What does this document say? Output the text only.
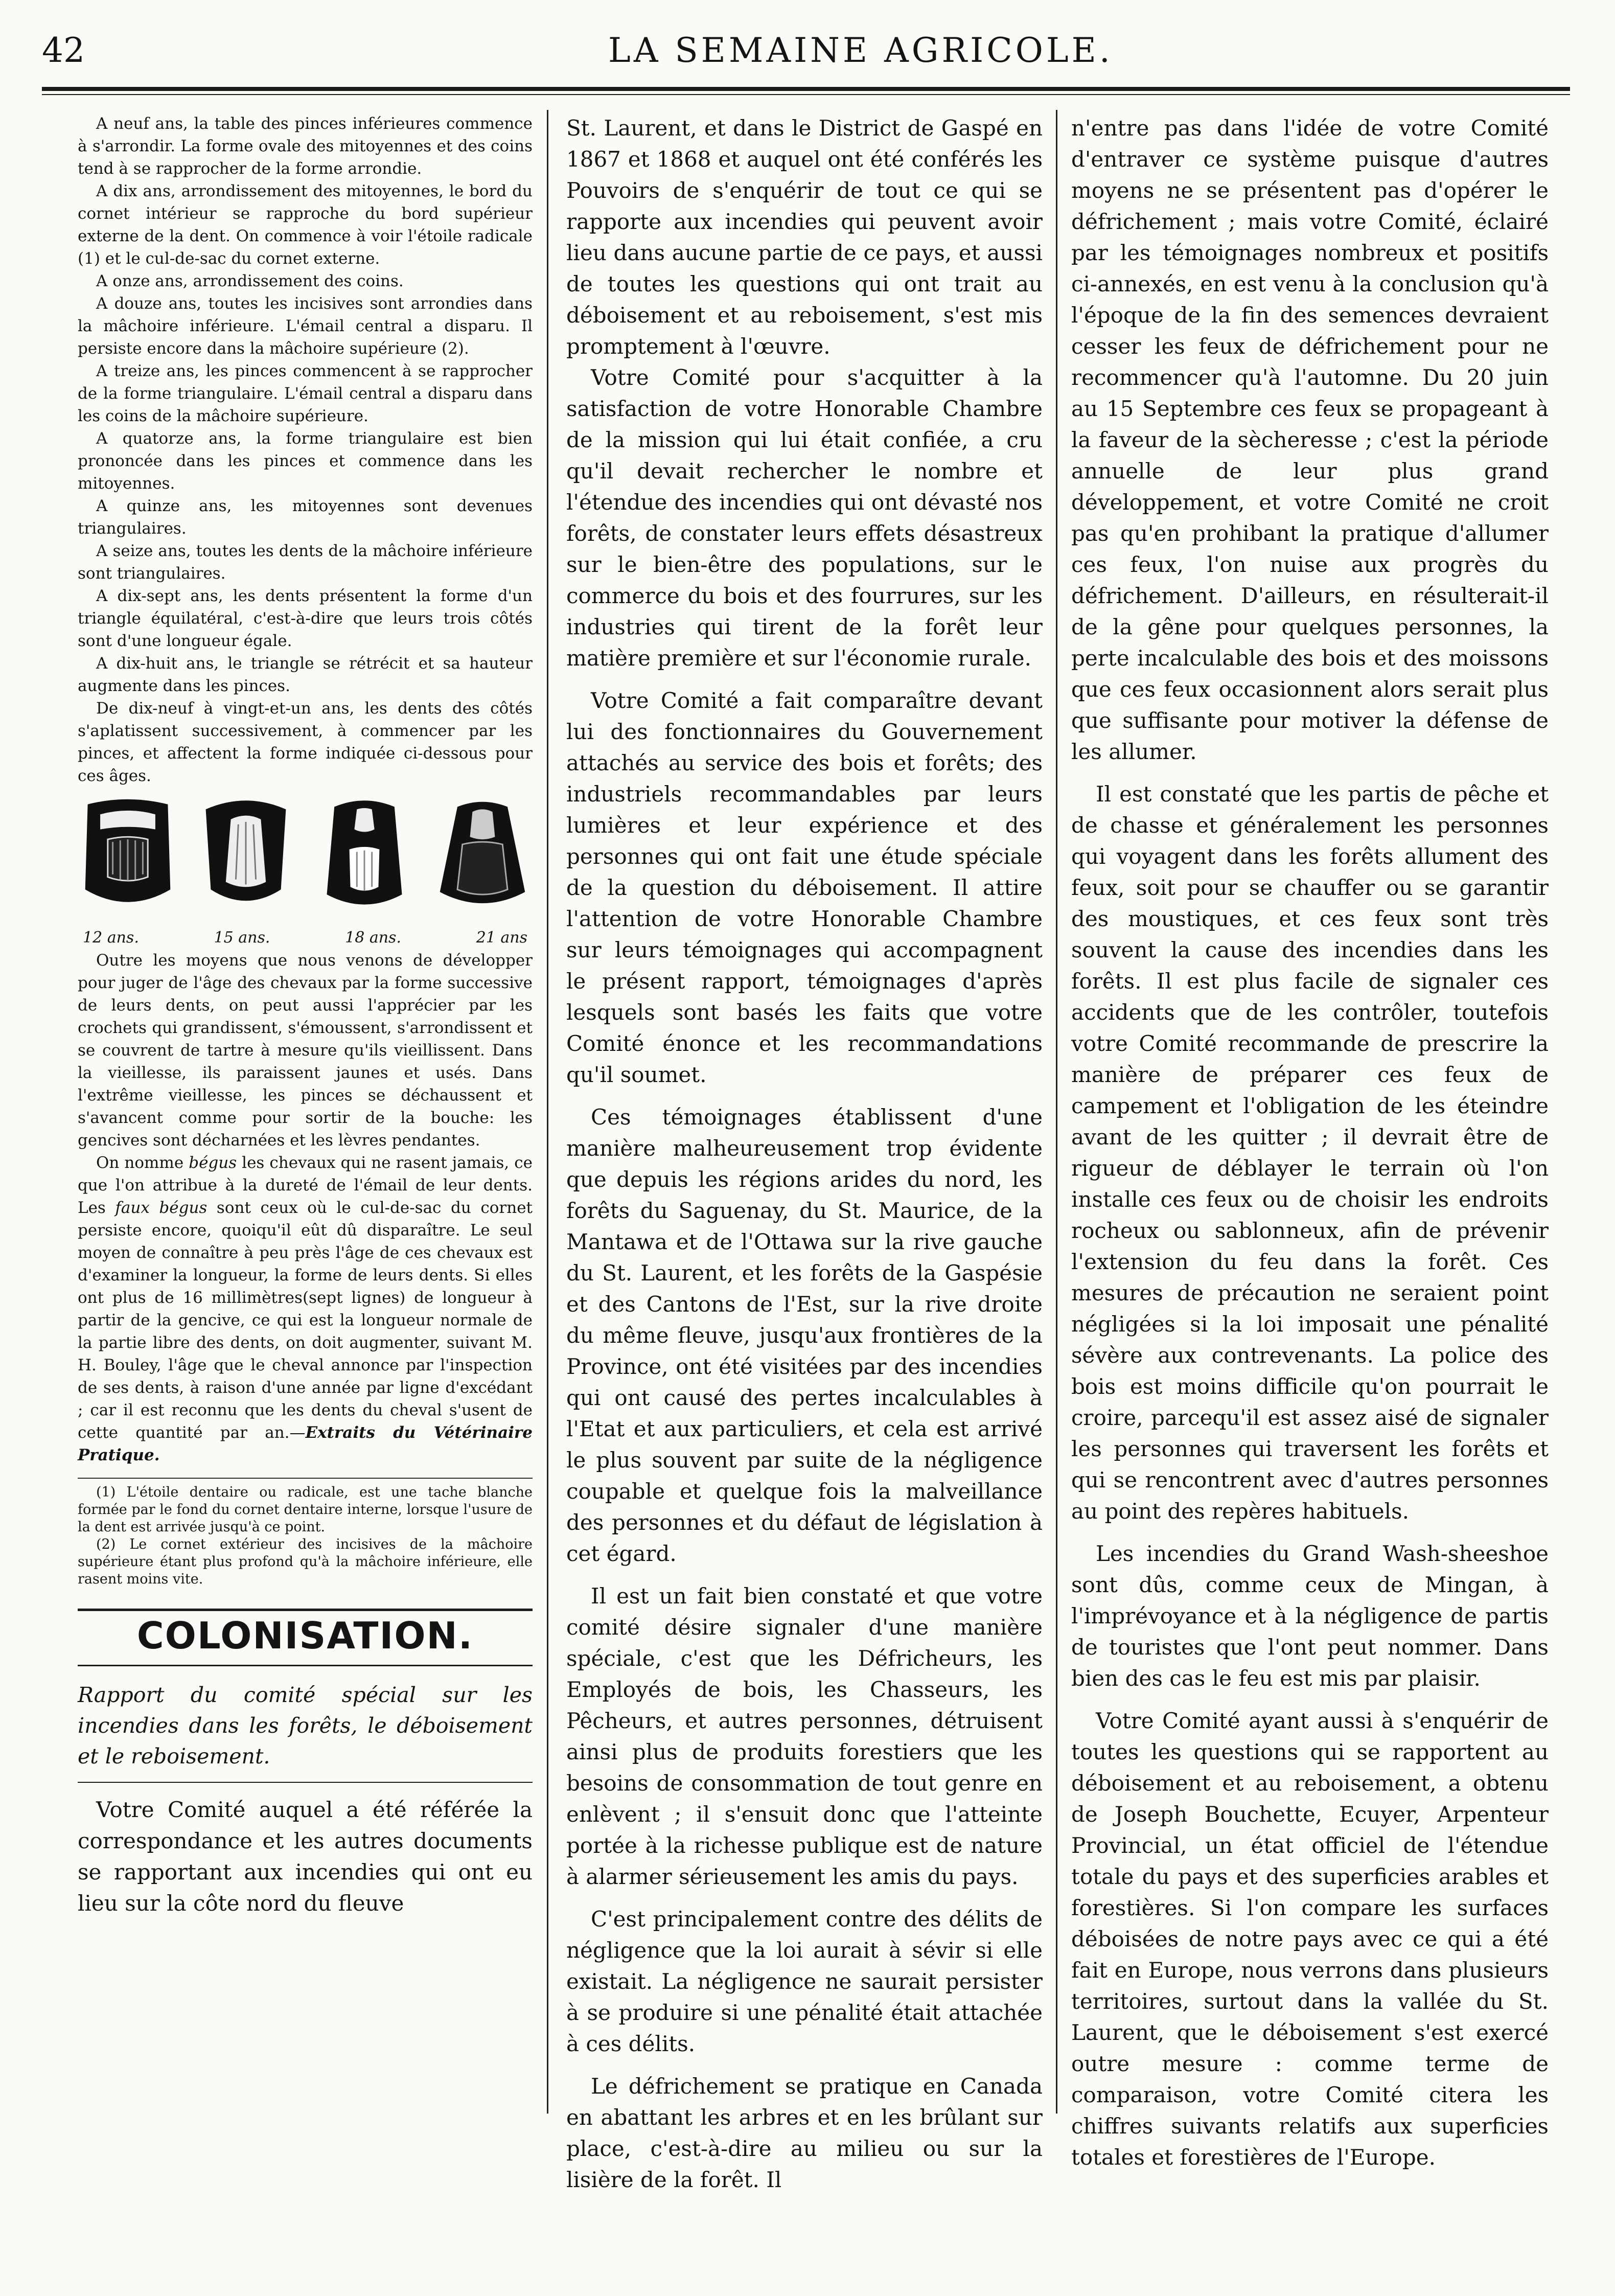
42	LA SEMAINE AGRICOLE.

A neuf ans, la table des pinces inférieures commence à s'arrondir. La forme ovale des mitoyennes et des coins tend à se rapprocher de la forme arrondie.

A dix ans, arrondissement des mitoyennes, le bord du cornet intérieur se rapproche du bord supérieur externe de la dent. On commence à voir l'étoile radicale (1) et le cul-de-sac du cornet externe.

A onze ans, arrondissement des coins.

A douze ans, toutes les incisives sont arrondies dans la mâchoire inférieure. L'émail central a disparu. Il persiste encore dans la mâchoire supérieure (2).

A treize ans, les pinces commencent à se rapprocher de la forme triangulaire. L'émail central a disparu dans les coins de la mâchoire supérieure.

A quatorze ans, la forme triangulaire est bien prononcée dans les pinces et commence dans les mitoyennes.

A quinze ans, les mitoyennes sont devenues triangulaires.

A seize ans, toutes les dents de la mâchoire inférieure sont triangulaires.

A dix-sept ans, les dents présentent la forme d'un triangle équilatéral, c'est-à-dire que leurs trois côtés sont d'une longueur égale.

A dix-huit ans, le triangle se rétrécit et sa hauteur augmente dans les pinces.

De dix-neuf à vingt-et-un ans, les dents des côtés s'aplatissent successivement, à commencer par les pinces, et affectent la forme indiquée ci-dessous pour ces âges.

12 ans.	15 ans.	18 ans.	21 ans

Outre les moyens que nous venons de développer pour juger de l'âge des chevaux par la forme successive de leurs dents, on peut aussi l'apprécier par les crochets qui grandissent, s'émoussent, s'arrondissent et se couvrent de tartre à mesure qu'ils vieillissent. Dans la vieillesse, ils paraissent jaunes et usés. Dans l'extrême vieillesse, les pinces se déchaussent et s'avancent comme pour sortir de la bouche: les gencives sont décharnées et les lèvres pendantes.

On nomme bégus les chevaux qui ne rasent jamais, ce que l'on attribue à la dureté de l'émail de leur dents. Les faux bégus sont ceux où le cul-de-sac du cornet persiste encore, quoiqu'il eût dû disparaître. Le seul moyen de connaître à peu près l'âge de ces chevaux est d'examiner la longueur, la forme de leurs dents. Si elles ont plus de 16 millimètres(sept lignes) de longueur à partir de la gencive, ce qui est la longueur normale de la partie libre des dents, on doit augmenter, suivant M. H. Bouley, l'âge que le cheval annonce par l'inspection de ses dents, à raison d'une année par ligne d'excédant ; car il est reconnu que les dents du cheval s'usent de cette quantité par an.—Extraits du Vétérinaire Pratique.

(1) L'étoile dentaire ou radicale, est une tache blanche formée par le fond du cornet dentaire interne, lorsque l'usure de la dent est arrivée jusqu'à ce point.

(2) Le cornet extérieur des incisives de la mâchoire supérieure étant plus profond qu'à la mâchoire inférieure, elle rasent moins vite.

COLONISATION.

Rapport du comité spécial sur les incendies dans les forêts, le déboisement et le reboisement.

Votre Comité auquel a été référée la correspondance et les autres documents se rapportant aux incendies qui ont eu lieu sur la côte nord du fleuve

St. Laurent, et dans le District de Gaspé en 1867 et 1868 et auquel ont été conférés les Pouvoirs de s'enquérir de tout ce qui se rapporte aux incendies qui peuvent avoir lieu dans aucune partie de ce pays, et aussi de toutes les questions qui ont trait au déboisement et au reboisement, s'est mis promptement à l'œuvre.

Votre Comité pour s'acquitter à la satisfaction de votre Honorable Chambre de la mission qui lui était confiée, a cru qu'il devait rechercher le nombre et l'étendue des incendies qui ont dévasté nos forêts, de constater leurs effets désastreux sur le bien-être des populations, sur le commerce du bois et des fourrures, sur les industries qui tirent de la forêt leur matière première et sur l'économie rurale.

Votre Comité a fait comparaître devant lui des fonctionnaires du Gouvernement attachés au service des bois et forêts; des industriels recommandables par leurs lumières et leur expérience et des personnes qui ont fait une étude spéciale de la question du déboisement. Il attire l'attention de votre Honorable Chambre sur leurs témoignages qui accompagnent le présent rapport, témoignages d'après lesquels sont basés les faits que votre Comité énonce et les recommandations qu'il soumet.

Ces témoignages établissent d'une manière malheureusement trop évidente que depuis les régions arides du nord, les forêts du Saguenay, du St. Maurice, de la Mantawa et de l'Ottawa sur la rive gauche du St. Laurent, et les forêts de la Gaspésie et des Cantons de l'Est, sur la rive droite du même fleuve, jusqu'aux frontières de la Province, ont été visitées par des incendies qui ont causé des pertes incalculables à l'Etat et aux particuliers, et cela est arrivé le plus souvent par suite de la négligence coupable et quelque fois la malveillance des personnes et du défaut de législation à cet égard.

Il est un fait bien constaté et que votre comité désire signaler d'une manière spéciale, c'est que les Défricheurs, les Employés de bois, les Chasseurs, les Pêcheurs, et autres personnes, détruisent ainsi plus de produits forestiers que les besoins de consommation de tout genre en enlèvent ; il s'ensuit donc que l'atteinte portée à la richesse publique est de nature à alarmer sérieusement les amis du pays.

C'est principalement contre des délits de négligence que la loi aurait à sévir si elle existait. La négligence ne saurait persister à se produire si une pénalité était attachée à ces délits.

Le défrichement se pratique en Canada en abattant les arbres et en les brûlant sur place, c'est-à-dire au milieu ou sur la lisière de la forêt. Il

n'entre pas dans l'idée de votre Comité d'entraver ce système puisque d'autres moyens ne se présentent pas d'opérer le défrichement ; mais votre Comité, éclairé par les témoignages nombreux et positifs ci-annexés, en est venu à la conclusion qu'à l'époque de la fin des semences devraient cesser les feux de défrichement pour ne recommencer qu'à l'automne. Du 20 juin au 15 Septembre ces feux se propageant à la faveur de la sècheresse ; c'est la période annuelle de leur plus grand développement, et votre Comité ne croit pas qu'en prohibant la pratique d'allumer ces feux, l'on nuise aux progrès du défrichement. D'ailleurs, en résulterait-il de la gêne pour quelques personnes, la perte incalculable des bois et des moissons que ces feux occasionnent alors serait plus que suffisante pour motiver la défense de les allumer.

Il est constaté que les partis de pêche et de chasse et généralement les personnes qui voyagent dans les forêts allument des feux, soit pour se chauffer ou se garantir des moustiques, et ces feux sont très souvent la cause des incendies dans les forêts. Il est plus facile de signaler ces accidents que de les contrôler, toutefois votre Comité recommande de prescrire la manière de préparer ces feux de campement et l'obligation de les éteindre avant de les quitter ; il devrait être de rigueur de déblayer le terrain où l'on installe ces feux ou de choisir les endroits rocheux ou sablonneux, afin de prévenir l'extension du feu dans la forêt. Ces mesures de précaution ne seraient point négligées si la loi imposait une pénalité sévère aux contrevenants. La police des bois est moins difficile qu'on pourrait le croire, parcequ'il est assez aisé de signaler les personnes qui traversent les forêts et qui se rencontrent avec d'autres personnes au point des repères habituels.

Les incendies du Grand Wash-sheeshoe sont dûs, comme ceux de Mingan, à l'imprévoyance et à la négligence de partis de touristes que l'ont peut nommer. Dans bien des cas le feu est mis par plaisir.

Votre Comité ayant aussi à s'enquérir de toutes les questions qui se rapportent au déboisement et au reboisement, a obtenu de Joseph Bouchette, Ecuyer, Arpenteur Provincial, un état officiel de l'étendue totale du pays et des superficies arables et forestières. Si l'on compare les surfaces déboisées de notre pays avec ce qui a été fait en Europe, nous verrons dans plusieurs territoires, surtout dans la vallée du St. Laurent, que le déboisement s'est exercé outre mesure : comme terme de comparaison, votre Comité citera les chiffres suivants relatifs aux superficies totales et forestières de l'Europe.
